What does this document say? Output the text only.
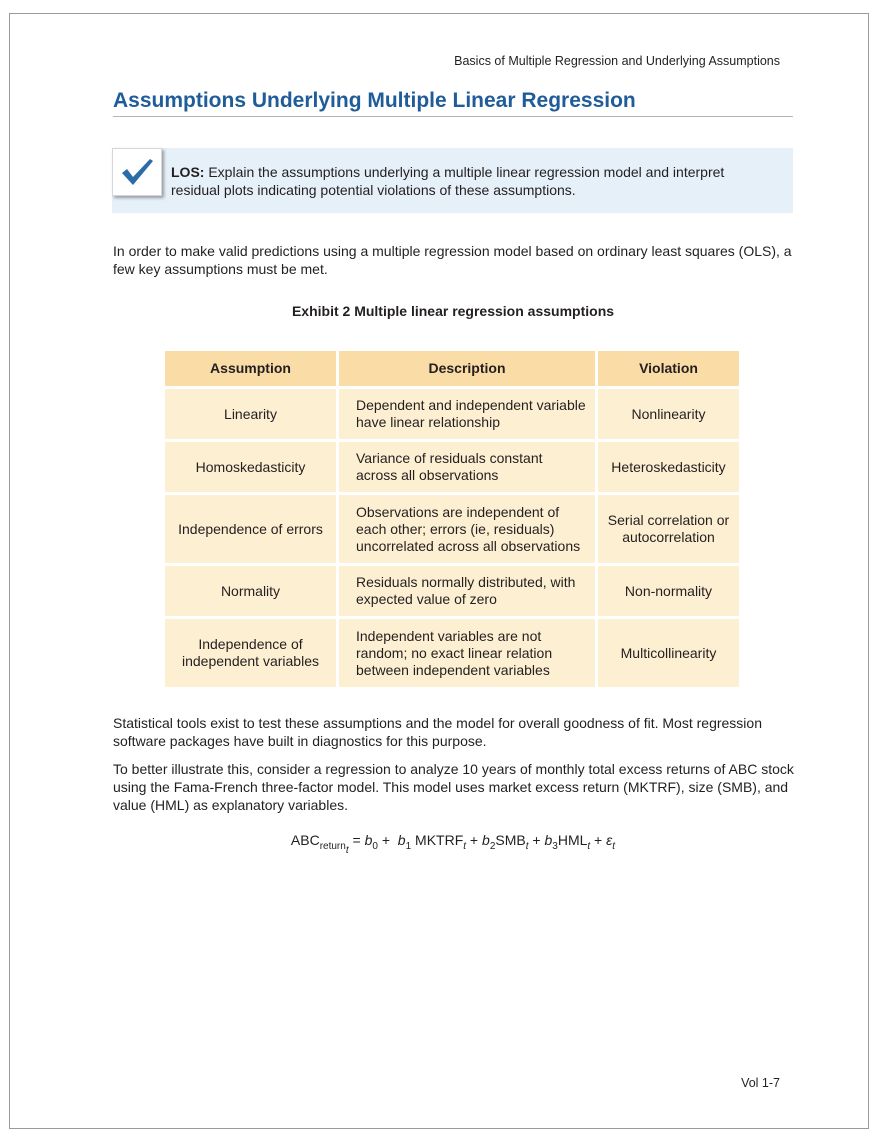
Basics of Multiple Regression and Underlying Assumptions
Assumptions Underlying Multiple Linear Regression
LOS: Explain the assumptions underlying a multiple linear regression model and interpret residual plots indicating potential violations of these assumptions.
In order to make valid predictions using a multiple regression model based on ordinary least squares (OLS), a few key assumptions must be met.
Exhibit 2 Multiple linear regression assumptions
Assumption	Description	Violation
Linearity	Dependent and independent variable have linear relationship	Nonlinearity
Homoskedasticity	Variance of residuals constant across all observations	Heteroskedasticity
Independence of errors	Observations are independent of each other; errors (ie, residuals) uncorrelated across all observations	Serial correlation or autocorrelation
Normality	Residuals normally distributed, with expected value of zero	Non-normality
Independence of independent variables	Independent variables are not random; no exact linear relation between independent variables	Multicollinearity
Statistical tools exist to test these assumptions and the model for overall goodness of fit. Most regression software packages have built in diagnostics for this purpose.
To better illustrate this, consider a regression to analyze 10 years of monthly total excess returns of ABC stock using the Fama-French three-factor model. This model uses market excess return (MKTRF), size (SMB), and value (HML) as explanatory variables.
$ABC_{return_t} = b_0 + b_1$ $MKTRF_t + b_2SMB_t + b_3HML_t + \varepsilon_t$
Vol 1-7
